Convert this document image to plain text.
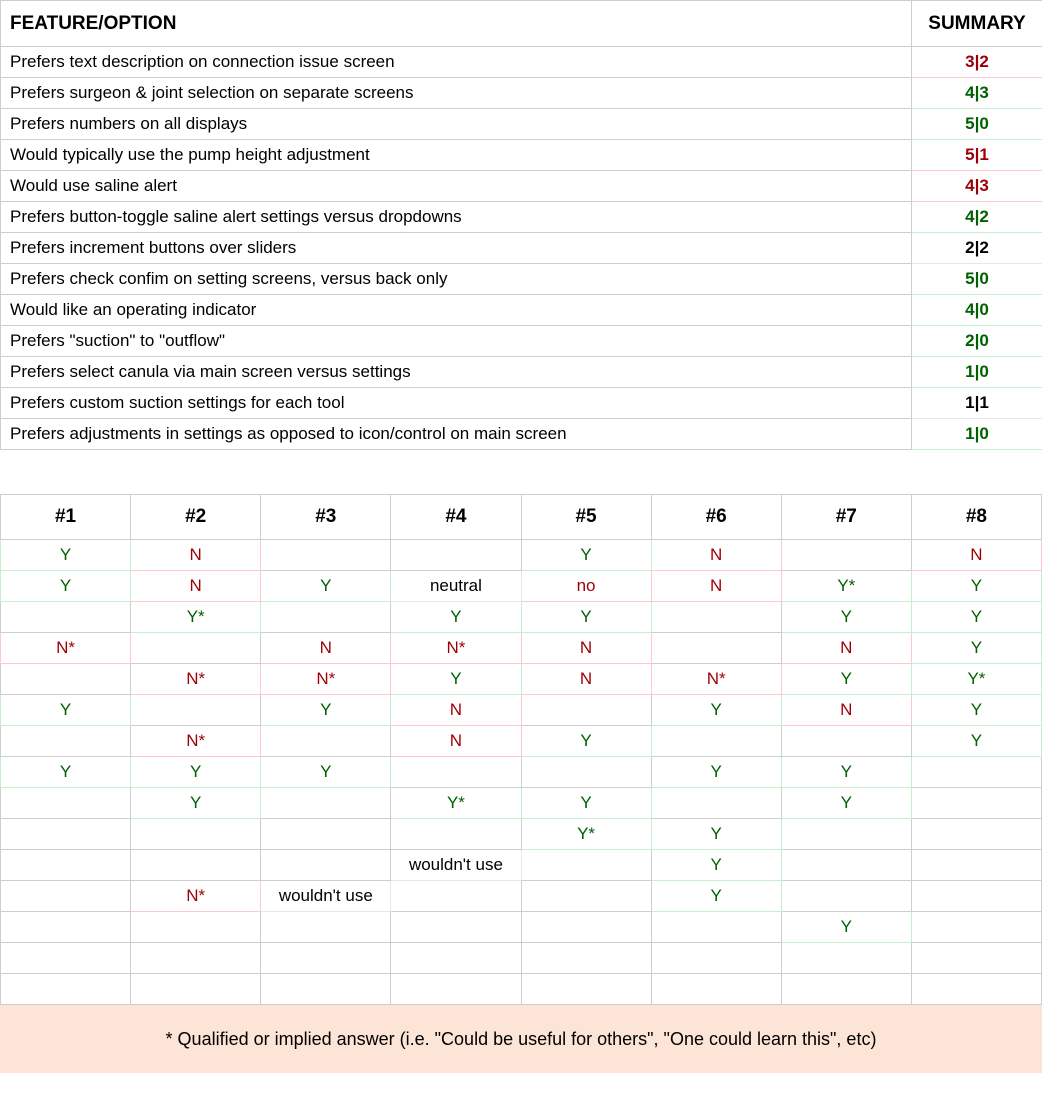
FEATURE/OPTION	SUMMARY
Prefers text description on connection issue screen	3|2
Prefers surgeon & joint selection on separate screens	4|3
Prefers numbers on all displays	5|0
Would typically use the pump height adjustment	5|1
Would use saline alert	4|3
Prefers button-toggle saline alert settings versus dropdowns	4|2
Prefers increment buttons over sliders	2|2
Prefers check confim on setting screens, versus back only	5|0
Would like an operating indicator	4|0
Prefers "suction" to "outflow"	2|0
Prefers select canula via main screen versus settings	1|0
Prefers custom suction settings for each tool	1|1
Prefers adjustments in settings as opposed to icon/control on main screen	1|0
#1	#2	#3	#4	#5	#6	#7	#8
Y	N			Y	N		N
Y	N	Y	neutral	no	N	Y*	Y
	Y*		Y	Y		Y	Y
N*		N	N*	N		N	Y
	N*	N*	Y	N	N*	Y	Y*
Y		Y	N		Y	N	Y
	N*		N	Y			Y
Y	Y	Y			Y	Y	
	Y		Y*	Y		Y	
				Y*	Y		
			wouldn't use		Y		
	N*	wouldn't use			Y		
						Y	

* Qualified or implied answer (i.e. "Could be useful for others", "One could learn this", etc)
